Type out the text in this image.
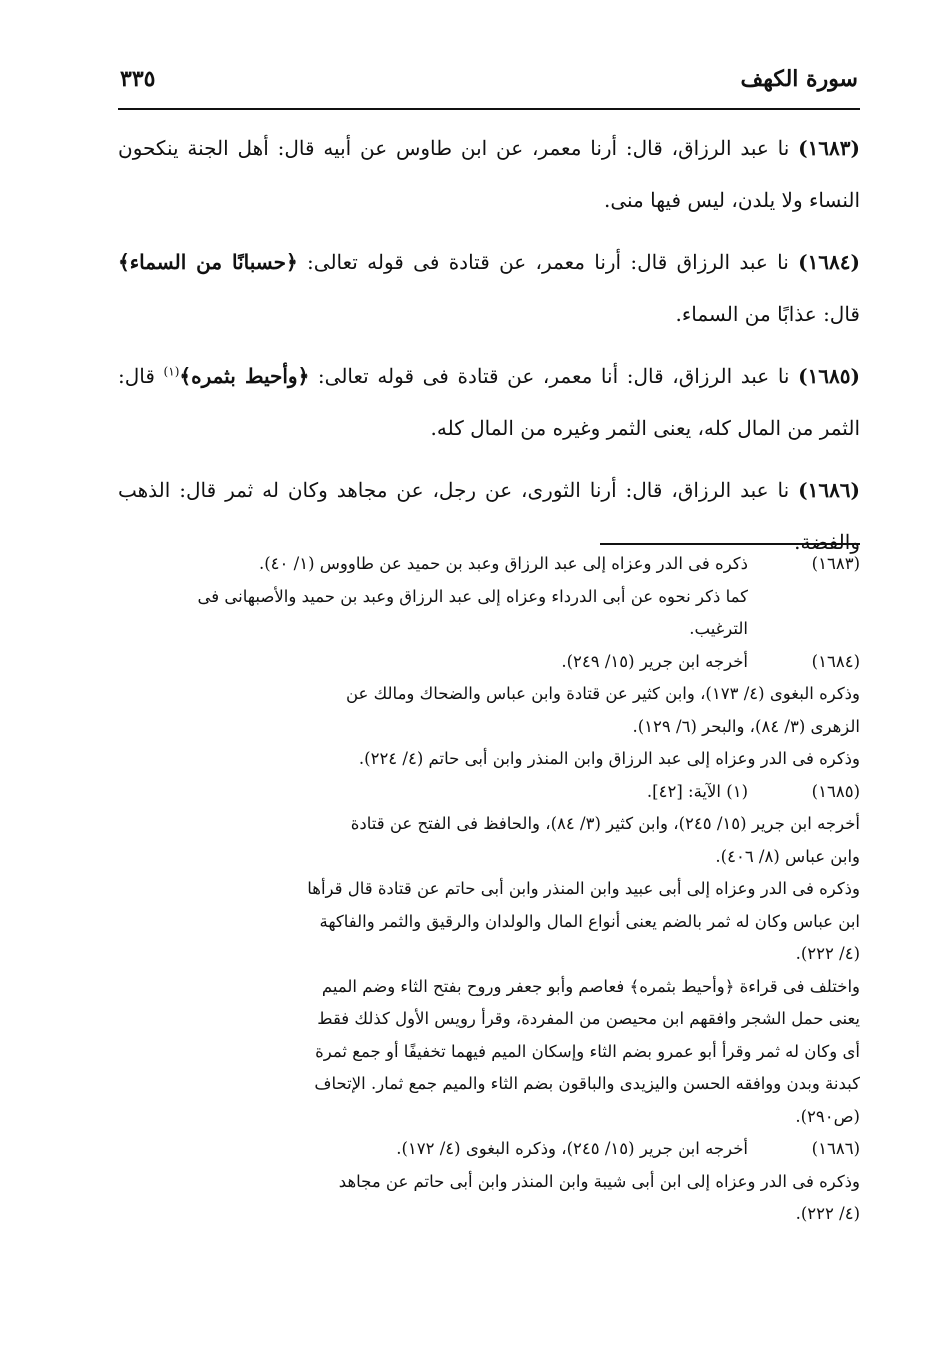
سورة الكهف
٣٣٥

(١٦٨٣) نا عبد الرزاق، قال: أرنا معمر، عن ابن طاوس عن أبيه قال: أهل الجنة ينكحون النساء ولا يلدن، ليس فيها منى.

(١٦٨٤) نا عبد الرزاق قال: أرنا معمر، عن قتادة فى قوله تعالى: ﴿حسبانًا من السماء﴾ قال: عذابًا من السماء.

(١٦٨٥) نا عبد الرزاق، قال: أنا معمر، عن قتادة فى قوله تعالى: ﴿وأحيط بثمره﴾$^{(١)}$ قال: الثمر من المال كله، يعنى الثمر وغيره من المال كله.

(١٦٨٦) نا عبد الرزاق، قال: أرنا الثورى، عن رجل، عن مجاهد وكان له ثمر قال: الذهب والفضة.

(١٦٨٣)
ذكره فى الدر وعزاه إلى عبد الرزاق وعبد بن حميد عن طاووس (١/ ٤٠).
كما ذكر نحوه عن أبى الدرداء وعزاه إلى عبد الرزاق وعبد بن حميد والأصبهانى فى
الترغيب.
(١٦٨٤)
أخرجه ابن جرير (١٥/ ٢٤٩).
وذكره البغوى (٤/ ١٧٣)، وابن كثير عن قتادة وابن عباس والضحاك ومالك عن
الزهرى (٣/ ٨٤)، والبحر (٦/ ١٢٩).
وذكره فى الدر وعزاه إلى عبد الرزاق وابن المنذر وابن أبى حاتم (٤/ ٢٢٤).
(١٦٨٥)
(١) الآية: [٤٢].
أخرجه ابن جرير (١٥/ ٢٤٥)، وابن كثير (٣/ ٨٤)، والحافظ فى الفتح عن قتادة
وابن عباس (٨/ ٤٠٦).
وذكره فى الدر وعزاه إلى أبى عبيد وابن المنذر وابن أبى حاتم عن قتادة قال قرأها
ابن عباس وكان له ثمر بالضم يعنى أنواع المال والولدان والرقيق والثمر والفاكهة
(٤/ ٢٢٢).
واختلف فى قراءة ﴿وأحيط بثمره﴾ فعاصم وأبو جعفر وروح بفتح الثاء وضم الميم
يعنى حمل الشجر وافقهم ابن محيصن من المفردة، وقرأ رويس الأول كذلك فقط
أى وكان له ثمر وقرأ أبو عمرو بضم الثاء وإسكان الميم فيهما تخفيفًا أو جمع ثمرة
كبدنة وبدن ووافقه الحسن واليزيدى والباقون بضم الثاء والميم جمع ثمار. الإتحاف
(ص٢٩٠).
(١٦٨٦)
أخرجه ابن جرير (١٥/ ٢٤٥)، وذكره البغوى (٤/ ١٧٢).
وذكره فى الدر وعزاه إلى ابن أبى شيبة وابن المنذر وابن أبى حاتم عن مجاهد
(٤/ ٢٢٢).
